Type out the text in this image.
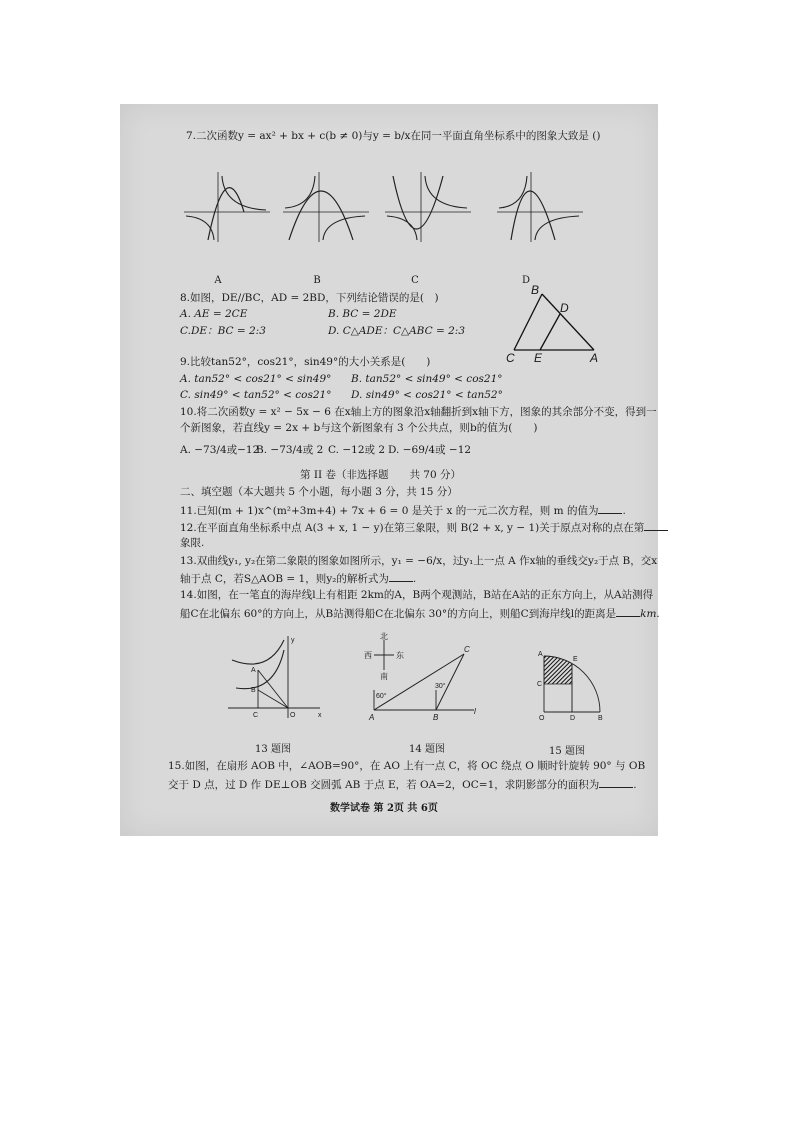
7.二次函数y = ax² + bx + c(b ≠ 0)与y = b/x在同一平面直角坐标系中的图象大致是 ()
A	B	C	D
8.如图，DE//BC，AD = 2BD，下列结论错误的是(　)
A. AE = 2CE	B. BC = 2DE
C.DE：BC = 2:3	D. C△ADE：C△ABC = 2:3
B
D
C E	A
9.比较tan52°，cos21°，sin49°的大小关系是(　　)
A. tan52° < cos21° < sin49° B. tan52° < sin49° < cos21°
C. sin49° < tan52° < cos21° D. sin49° < cos21° < tan52°
10.将二次函数y = x² − 5x − 6 在x轴上方的图象沿x轴翻折到x轴下方，图象的其余部分不变，得到一
个新图象，若直线y = 2x + b与这个新图象有 3 个公共点，则b的值为(　　)
A. −73/4或−12
B. −73/4或 2 C. −12或 2 D. −69/4或 −12
第 II 卷（非选择题　　共 70 分）
二、填空题（本大题共 5 个小题，每小题 3 分，共 15 分）
11.已知(m + 1)x^(m²+3m+4) + 7x + 6 = 0 是关于 x 的一元二次方程，则 m 的值为 .
12.在平面直角坐标系中点 A(3 + x, 1 − y)在第三象限，则 B(2 + x, y − 1)关于原点对称的点在第
象限.
13.双曲线y₁, y₂在第二象限的图象如图所示，y₁ = −6/x，过y₁上一点 A 作x轴的垂线交y₂于点 B，交x
轴于点 C，若S△AOB = 1，则y₂的解析式为 .
14.如图，在一笔直的海岸线l上有相距 2km的A，B两个观测站，B站在A站的正东方向上，从A站测得
船C在北偏东 60°的方向上，从B站测得船C在北偏东 30°的方向上，则船C到海岸线l的距离是 km.
y
A
B
C	O	x
13 题图
北
西	东
南
C
60°
30°
A	B
l
14 题图
A
E
C
O	D	B
15 题图
15.如图，在扇形 AOB 中，∠AOB=90°，在 AO 上有一点 C，将 OC 绕点 O 顺时针旋转 90° 与 OB
交于 D 点，过 D 作 DE⊥OB 交圆弧 AB 于点 E，若 OA=2，OC=1，求阴影部分的面积为	.
数学试卷 第 2页 共 6页
